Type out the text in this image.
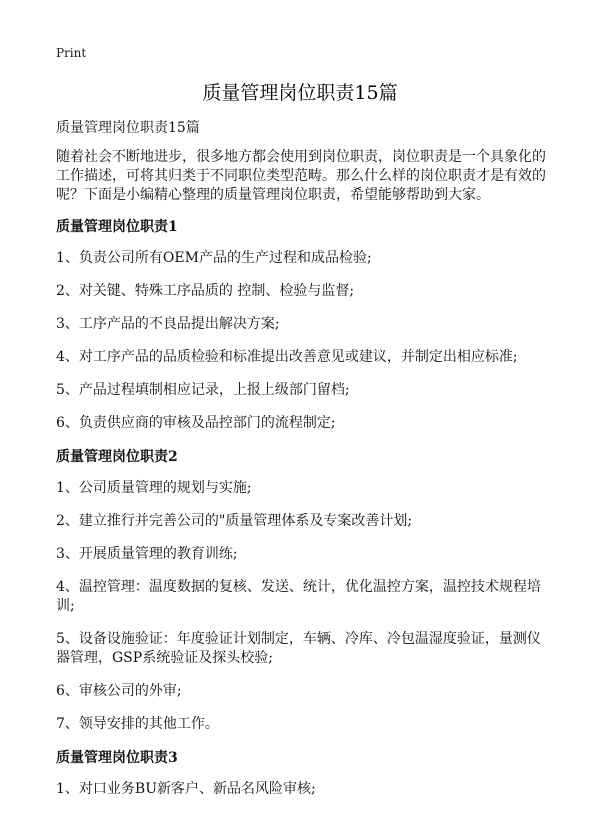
Print
质量管理岗位职责15篇

质量管理岗位职责15篇

随着社会不断地进步，很多地方都会使用到岗位职责，岗位职责是一个具象化的工作描述，可将其归类于不同职位类型范畴。那么什么样的岗位职责才是有效的呢？下面是小编精心整理的质量管理岗位职责，希望能够帮助到大家。

质量管理岗位职责1

1、负责公司所有OEM产品的生产过程和成品检验;

2、对关键、特殊工序品质的 控制、检验与监督;

3、工序产品的不良品提出解决方案;

4、对工序产品的品质检验和标准提出改善意见或建议，并制定出相应标准;

5、产品过程填制相应记录，上报上级部门留档;

6、负责供应商的审核及品控部门的流程制定;

质量管理岗位职责2

1、公司质量管理的规划与实施;

2、建立推行并完善公司的"质量管理体系及专案改善计划;

3、开展质量管理的教育训练;

4、温控管理：温度数据的复核、发送、统计，优化温控方案，温控技术规程培训;

5、设备设施验证：年度验证计划制定，车辆、冷库、冷包温湿度验证，量测仪器管理，GSP系统验证及探头校验;

6、审核公司的外审;

7、领导安排的其他工作。

质量管理岗位职责3

1、对口业务BU新客户、新品名风险审核;
